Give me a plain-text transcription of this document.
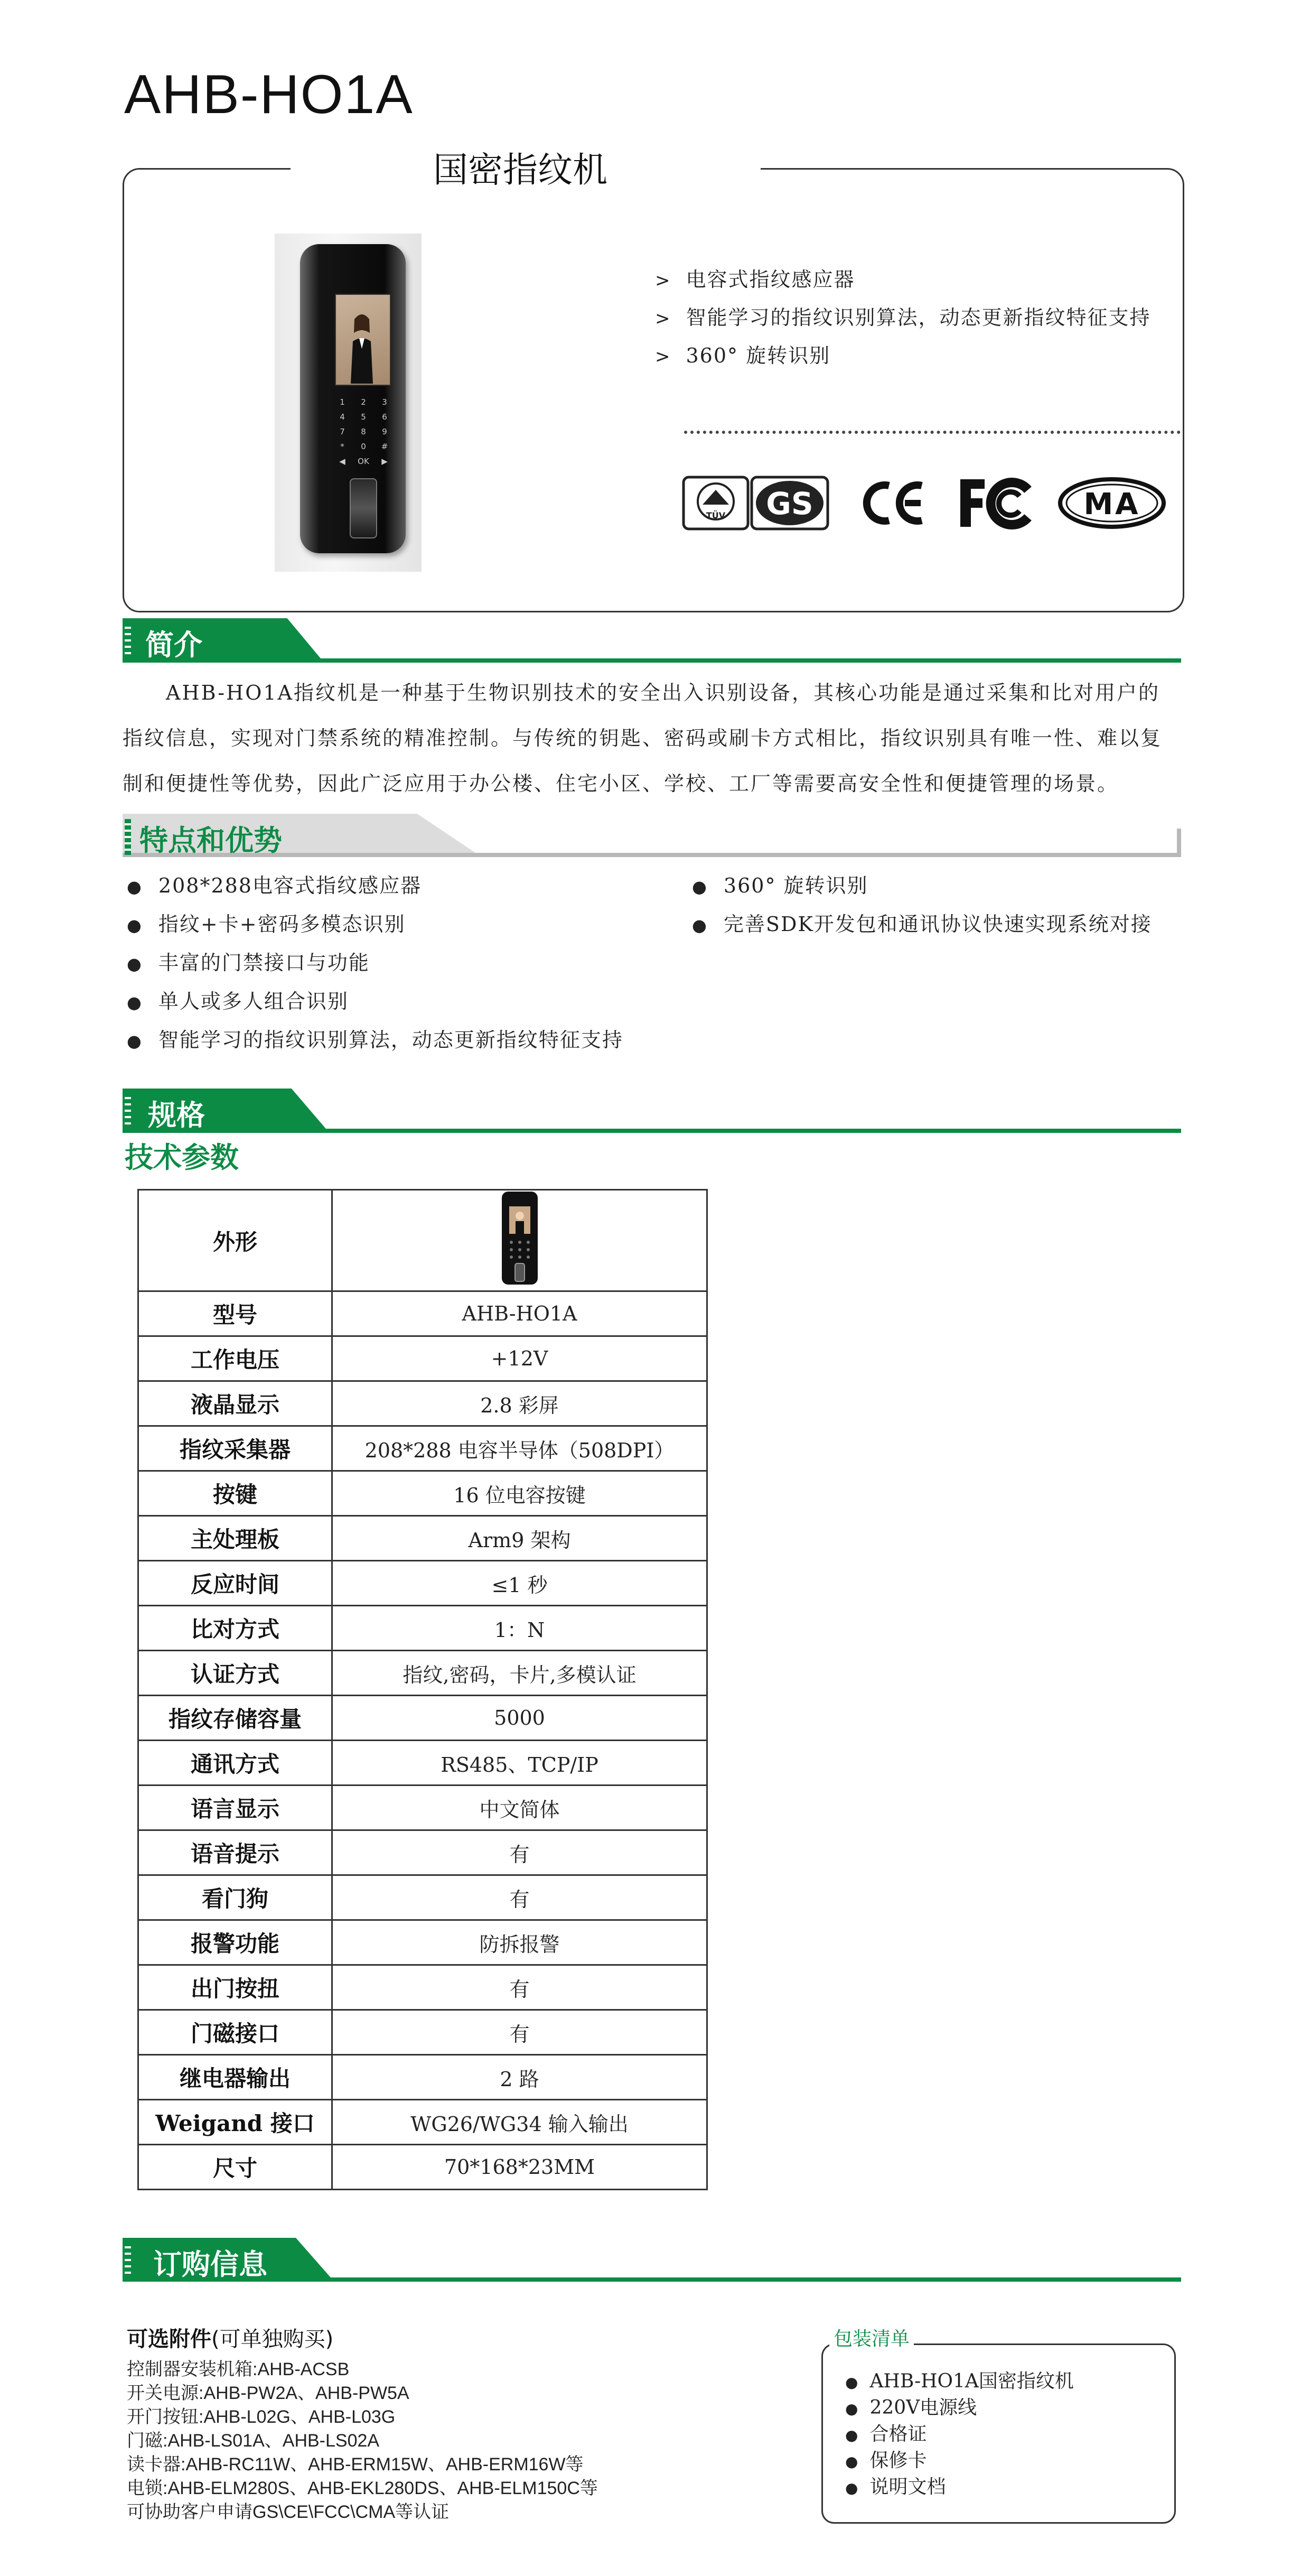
AHB-HO1A
国密指纹机
1	2	3
4	5	6
7	8	9
*	0	#
◀	OK	▶
> 电容式指纹感应器
> 智能学习的指纹识别算法，动态更新指纹特征支持
> 360° 旋转识别
TÜV GS	MA
简介
AHB-HO1A指纹机是一种基于生物识别技术的安全出入识别设备，其核心功能是通过采集和比对用户的指纹信息，实现对门禁系统的精准控制。与传统的钥匙、密码或刷卡方式相比，指纹识别具有唯一性、难以复制和便捷性等优势，因此广泛应用于办公楼、住宅小区、学校、工厂等需要高安全性和便捷管理的场景。
特点和优势
● 208*288电容式指纹感应器
● 指纹+卡+密码多模态识别
● 丰富的门禁接口与功能
● 单人或多人组合识别
● 智能学习的指纹识别算法，动态更新指纹特征支持
● 360° 旋转识别
● 完善SDK开发包和通讯协议快速实现系统对接
规格
技术参数
外形	
型号	AHB-HO1A
工作电压	+12V
液晶显示	2.8 彩屏
指纹采集器	208*288 电容半导体（508DPI）
按键	16 位电容按键
主处理板	Arm9 架构
反应时间	≤1 秒
比对方式	1：N
认证方式	指纹,密码，卡片,多模认证
指纹存储容量	5000
通讯方式	RS485、TCP/IP
语言显示	中文简体
语音提示	有
看门狗	有
报警功能	防拆报警
出门按扭	有
门磁接口	有
继电器输出	2 路
Weigand 接口	WG26/WG34 输入输出
尺寸	70*168*23MM
订购信息
可选附件(可单独购买)
控制器安装机箱:AHB-ACSB
开关电源:AHB-PW2A、AHB-PW5A
开门按钮:AHB-L02G、AHB-L03G
门磁:AHB-LS01A、AHB-LS02A
读卡器:AHB-RC11W、AHB-ERM15W、AHB-ERM16W等
电锁:AHB-ELM280S、AHB-EKL280DS、AHB-ELM150C等
可协助客户申请GS\CE\FCC\CMA等认证
包装清单
● AHB-HO1A国密指纹机
● 220V电源线
● 合格证
● 保修卡
● 说明文档
